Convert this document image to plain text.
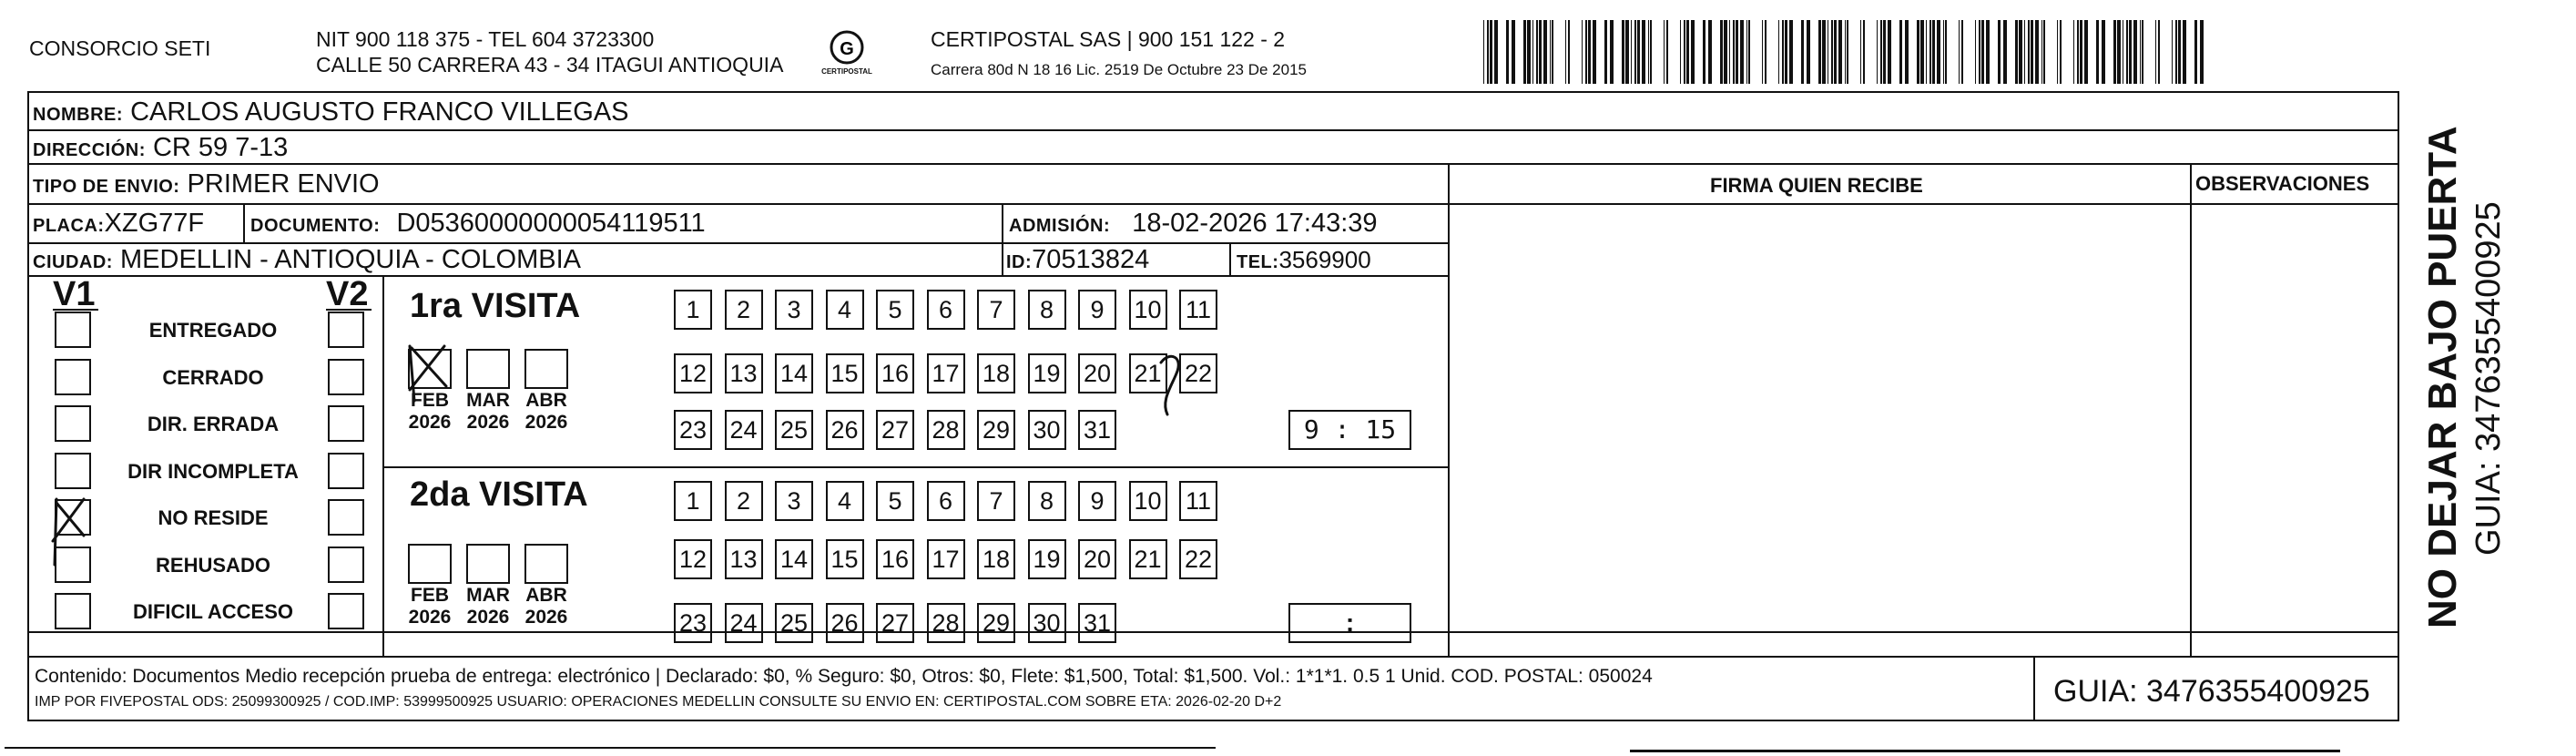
CONSORCIO SETI	NIT 900 118 375 - TEL 604 3723300
CALLE 50 CARRERA 43 - 34 ITAGUI ANTIOQUIA
G
CERTIPOSTAL
CERTIPOSTAL SAS | 900 151 122 - 2
Carrera 80d N 18 16 Lic. 2519 De Octubre 23 De 2015
NOMBRE: CARLOS AUGUSTO FRANCO VILLEGAS
DIRECCIÓN: CR 59 7-13
TIPO DE ENVIO: PRIMER ENVIO
PLACA:XZG77F	DOCUMENTO: D05360000000054119511	ADMISIÓN: 18-02-2026 17:43:39
CIUDAD: MEDELLIN - ANTIOQUIA - COLOMBIA	ID:70513824	TEL:3569900
FIRMA QUIEN RECIBE	OBSERVACIONES
V1	V2
ENTREGADO
CERRADO
DIR. ERRADA
DIR INCOMPLETA
NO RESIDE
REHUSADO
DIFICIL ACCESO
1ra VISITA
2da VISITA
FEB
2026
MAR
2026
ABR
2026
FEB
2026
MAR
2026
ABR
2026
1	2	3	4	5	6	7	8	9	10 11
12 13 14 15 16 17 18 19 20 21 22
23 24 25 26 27 28 29 30 31
1	2	3	4	5	6	7	8	9	10 11
12 13 14 15 16 17 18 19 20 21 22
23 24 25 26 27 28 29 30 31
9 : 15
:
Contenido: Documentos Medio recepción prueba de entrega: electrónico | Declarado: $0, % Seguro: $0, Otros: $0, Flete: $1,500, Total: $1,500. Vol.: 1*1*1. 0.5 1 Unid. COD. POSTAL: 050024
IMP POR FIVEPOSTAL ODS: 25099300925 / COD.IMP: 53999500925 USUARIO: OPERACIONES MEDELLIN CONSULTE SU ENVIO EN: CERTIPOSTAL.COM SOBRE ETA: 2026-02-20 D+2	GUIA: 3476355400925
NO DEJAR BAJO PUERTA GUIA: 3476355400925
